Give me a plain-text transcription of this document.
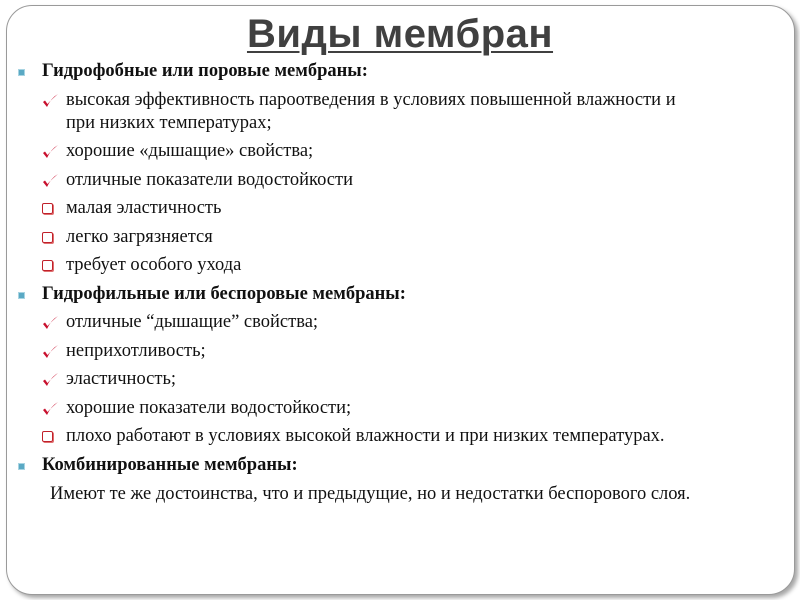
Виды мембран
Гидрофобные или поровые мембраны:
высокая эффективность пароотведения в условиях повышенной влажности и при низких температурах;
хорошие «дышащие» свойства;
отличные показатели водостойкости
малая эластичность
легко загрязняется
требует особого ухода
Гидрофильные или беспоровые мембраны:
отличные “дышащие” свойства;
неприхотливость;
эластичность;
хорошие показатели водостойкости;
плохо работают в условиях высокой влажности и при низких температурах.
Комбинированные мембраны:
Имеют те же достоинства, что и предыдущие, но и недостатки беспорового слоя.
